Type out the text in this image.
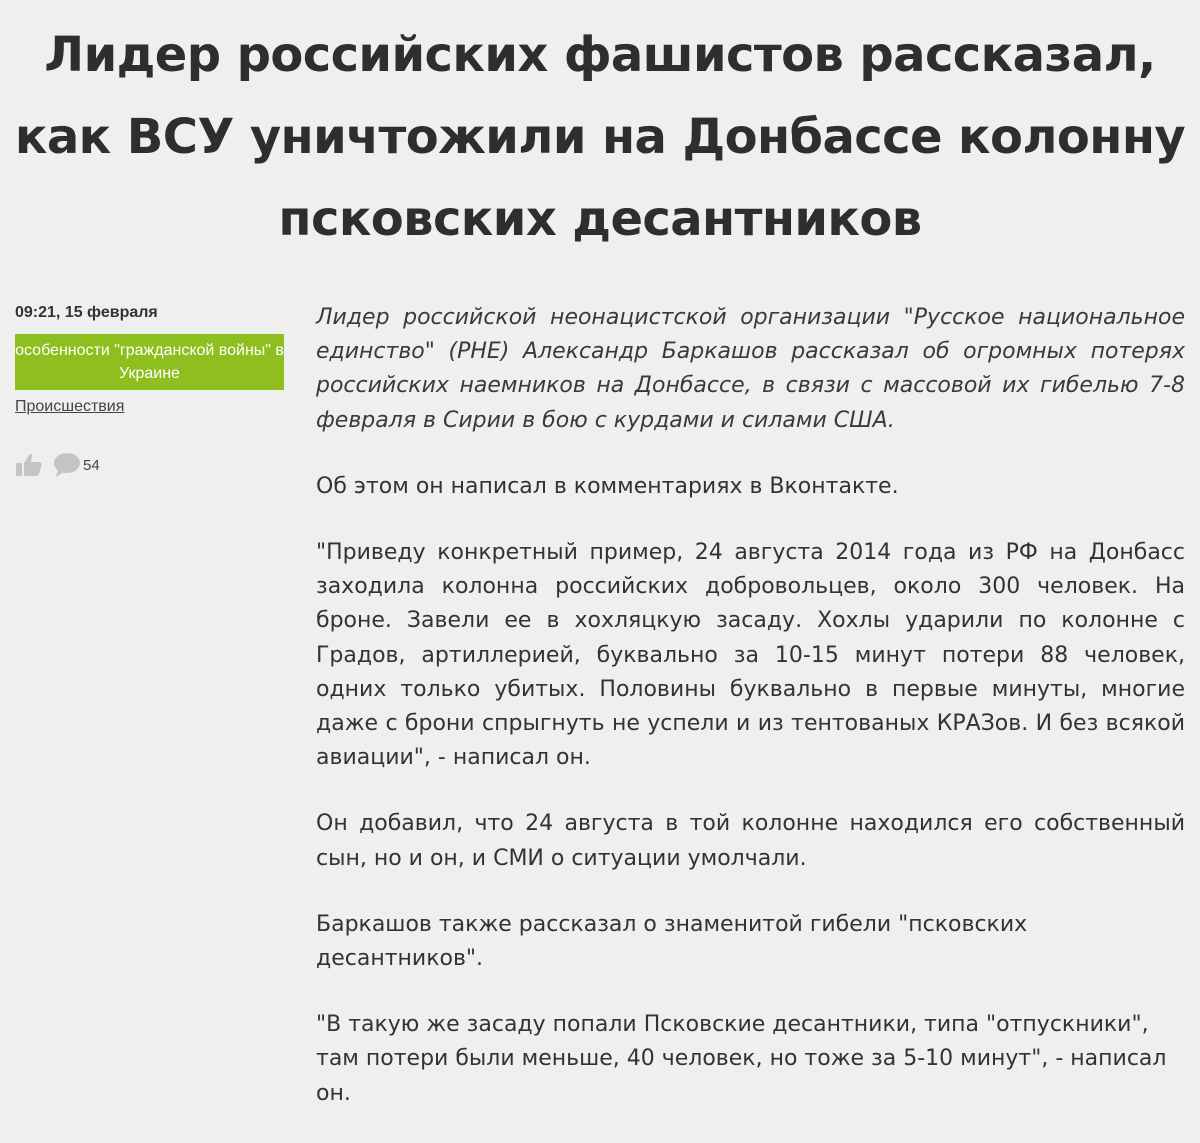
Лидер российских фашистов рассказал, как ВСУ уничтожили на Донбассе колонну псковских десантников
09:21, 15 февраля
особенности "гражданской войны" в Украине
Происшествия
54

Лидер российской неонацистской организации "Русское национальное единство" (РНЕ) Александр Баркашов рассказал об огромных потерях российских наемников на Донбассе, в связи с массовой их гибелью 7-8 февраля в Сирии в бою с курдами и силами США.

Об этом он написал в комментариях в Вконтакте.

"Приведу конкретный пример, 24 августа 2014 года из РФ на Донбасс заходила колонна российских добровольцев, около 300 человек. На броне. Завели ее в хохляцкую засаду. Хохлы ударили по колонне с Градов, артиллерией, буквально за 10-15 минут потери 88 человек, одних только убитых. Половины буквально в первые минуты, многие даже с брони спрыгнуть не успели и из тентованых КРАЗов. И без всякой авиации", - написал он.

Он добавил, что 24 августа в той колонне находился его собственный сын, но и он, и СМИ о ситуации умолчали.

Баркашов также рассказал о знаменитой гибели "псковских десантников".

"В такую же засаду попали Псковские десантники, типа "отпускники", там потери были меньше, 40 человек, но тоже за 5-10 минут", - написал он.
